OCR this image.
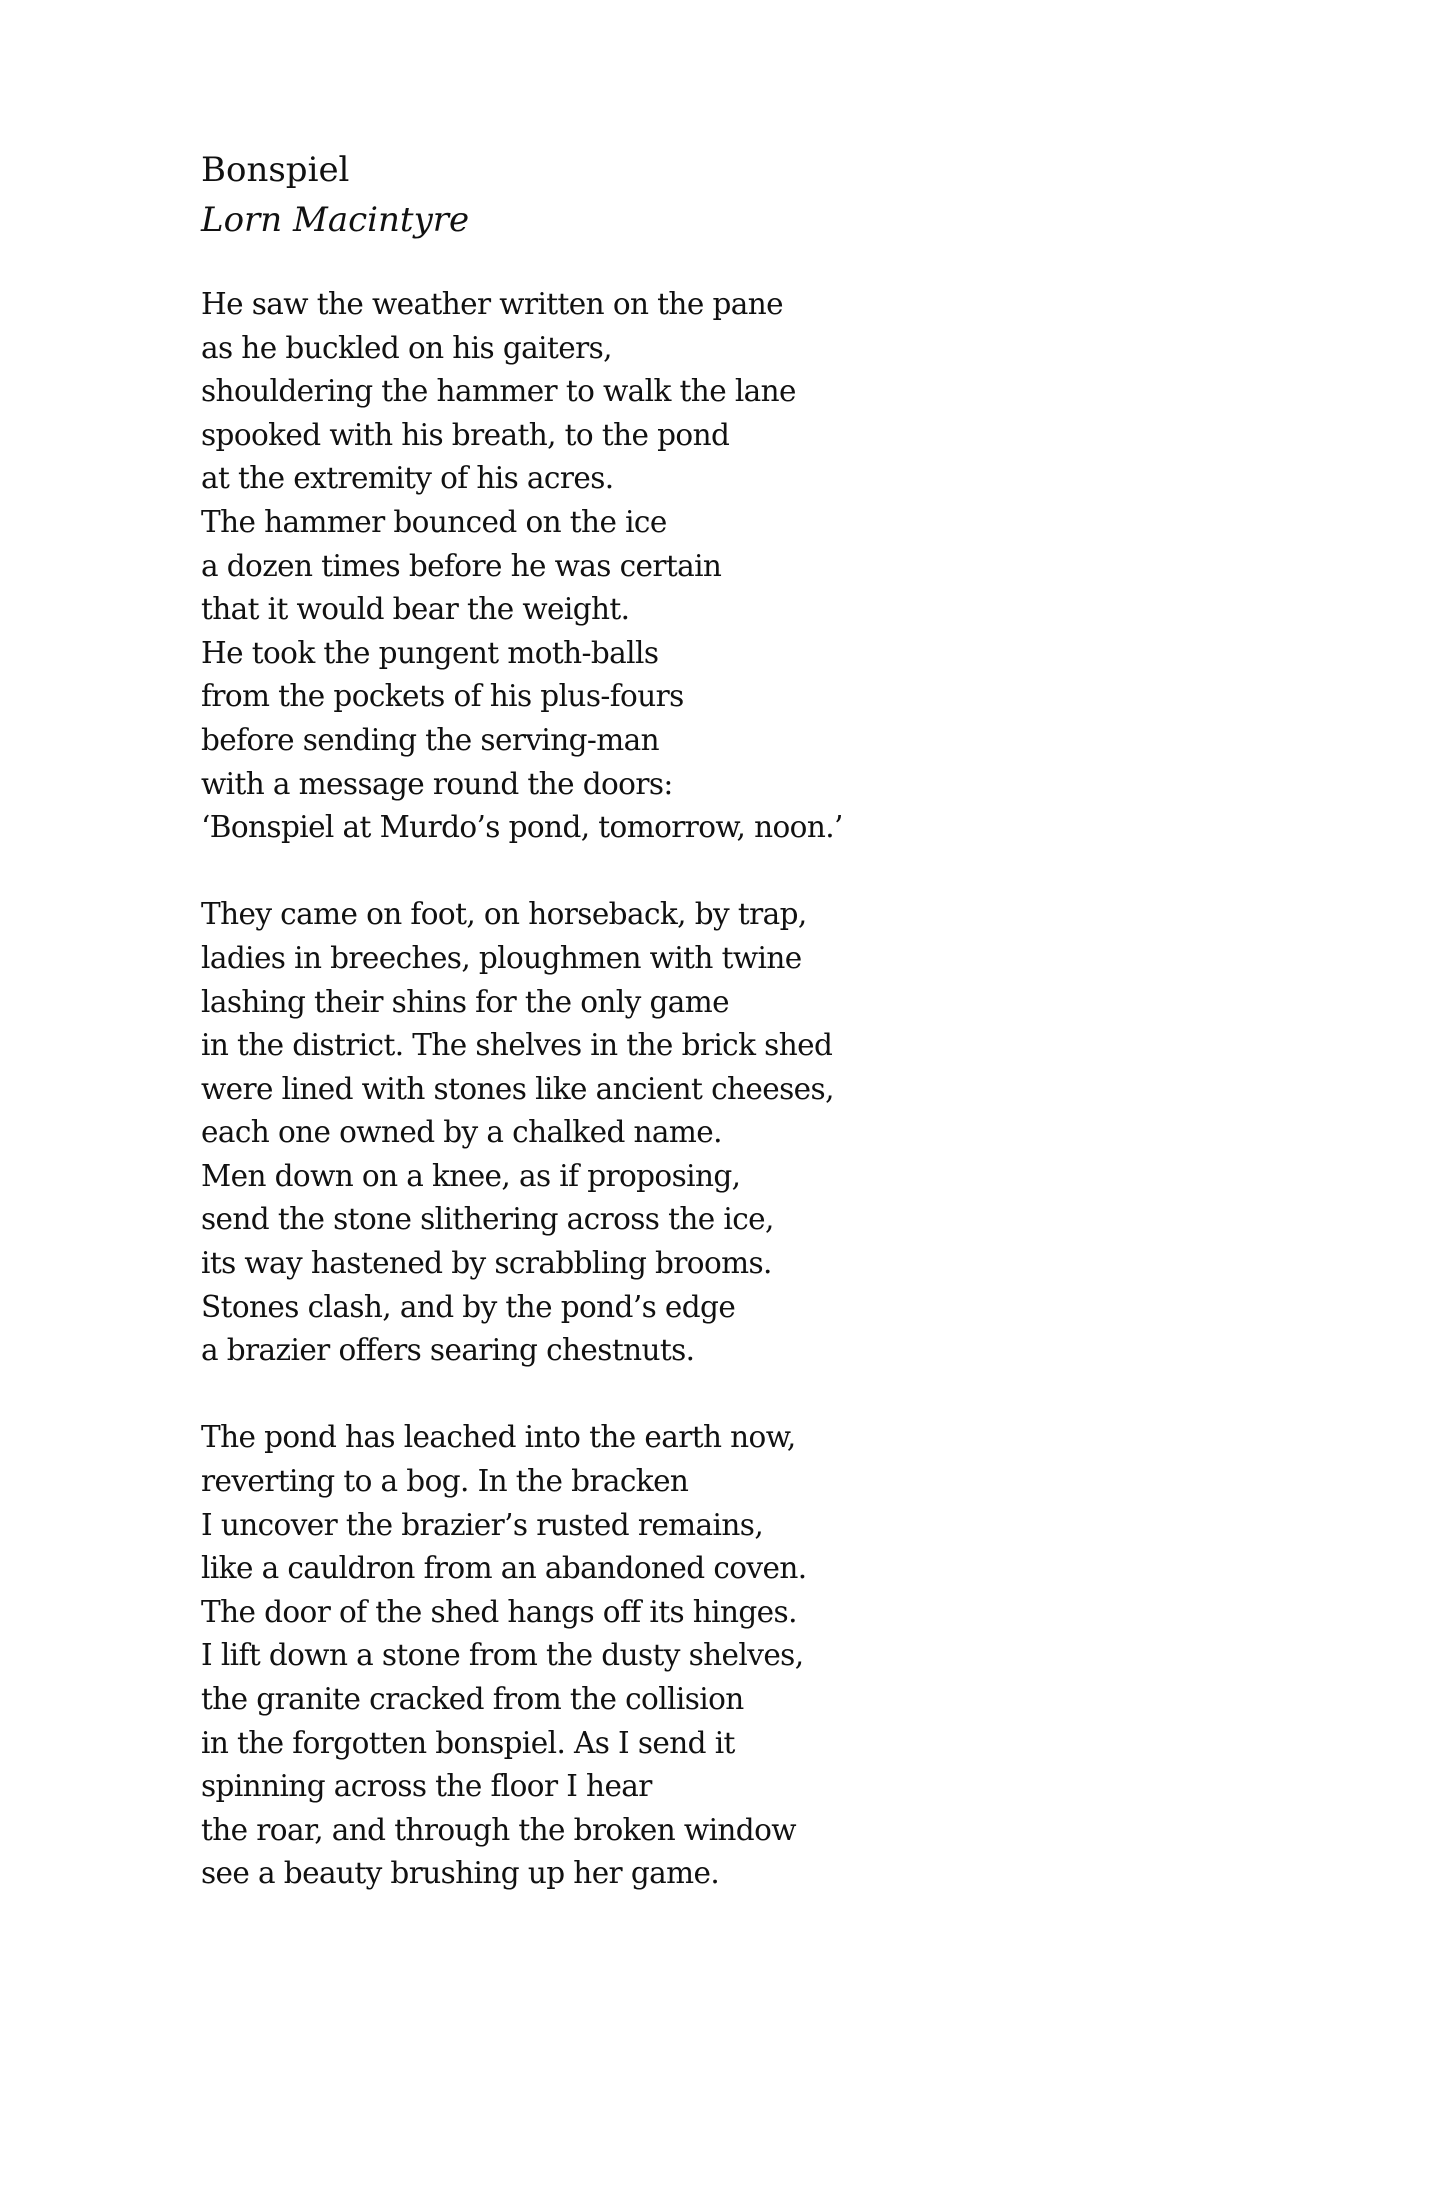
Bonspiel
Lorn Macintyre
He saw the weather written on the pane
as he buckled on his gaiters,
shouldering the hammer to walk the lane
spooked with his breath, to the pond
at the extremity of his acres.
The hammer bounced on the ice
a dozen times before he was certain
that it would bear the weight.
He took the pungent moth-balls
from the pockets of his plus-fours
before sending the serving-man
with a message round the doors:
‘Bonspiel at Murdo’s pond, tomorrow, noon.’
They came on foot, on horseback, by trap,
ladies in breeches, ploughmen with twine
lashing their shins for the only game
in the district. The shelves in the brick shed
were lined with stones like ancient cheeses,
each one owned by a chalked name.
Men down on a knee, as if proposing,
send the stone slithering across the ice,
its way hastened by scrabbling brooms.
Stones clash, and by the pond’s edge
a brazier offers searing chestnuts.
The pond has leached into the earth now,
reverting to a bog. In the bracken
I uncover the brazier’s rusted remains,
like a cauldron from an abandoned coven.
The door of the shed hangs off its hinges.
I lift down a stone from the dusty shelves,
the granite cracked from the collision
in the forgotten bonspiel. As I send it
spinning across the floor I hear
the roar, and through the broken window
see a beauty brushing up her game.
